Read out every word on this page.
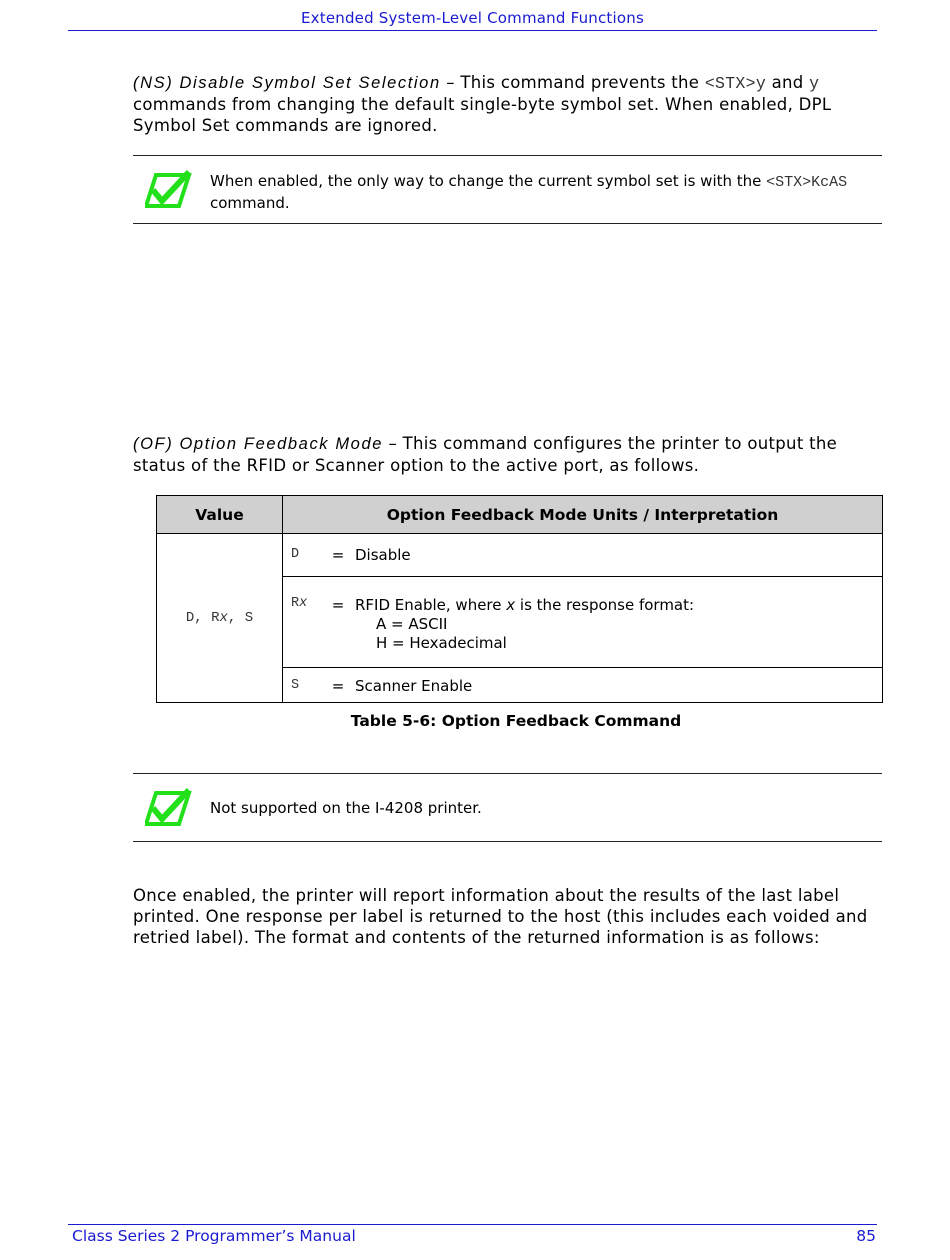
Extended System-Level Command Functions
(NS) Disable Symbol Set Selection – This command prevents the <STX>y and y commands from changing the default single-byte symbol set. When enabled, DPL Symbol Set commands are ignored.
When enabled, the only way to change the current symbol set is with the <STX>KcAS
command.
(OF) Option Feedback Mode – This command configures the printer to output the status of the RFID or Scanner option to the active port, as follows.
Value	Option Feedback Mode Units / Interpretation		
D, Rx, S	D	=	Disable
	Rx	=	RFID Enable, where x is the response format:
A = ASCII
H = Hexadecimal

	S	=	Scanner Enable
Table 5-6: Option Feedback Command
Not supported on the I-4208 printer.
Once enabled, the printer will report information about the results of the last label printed. One response per label is returned to the host (this includes each voided and retried label). The format and contents of the returned information is as follows:
Class Series 2 Programmer’s Manual	85
